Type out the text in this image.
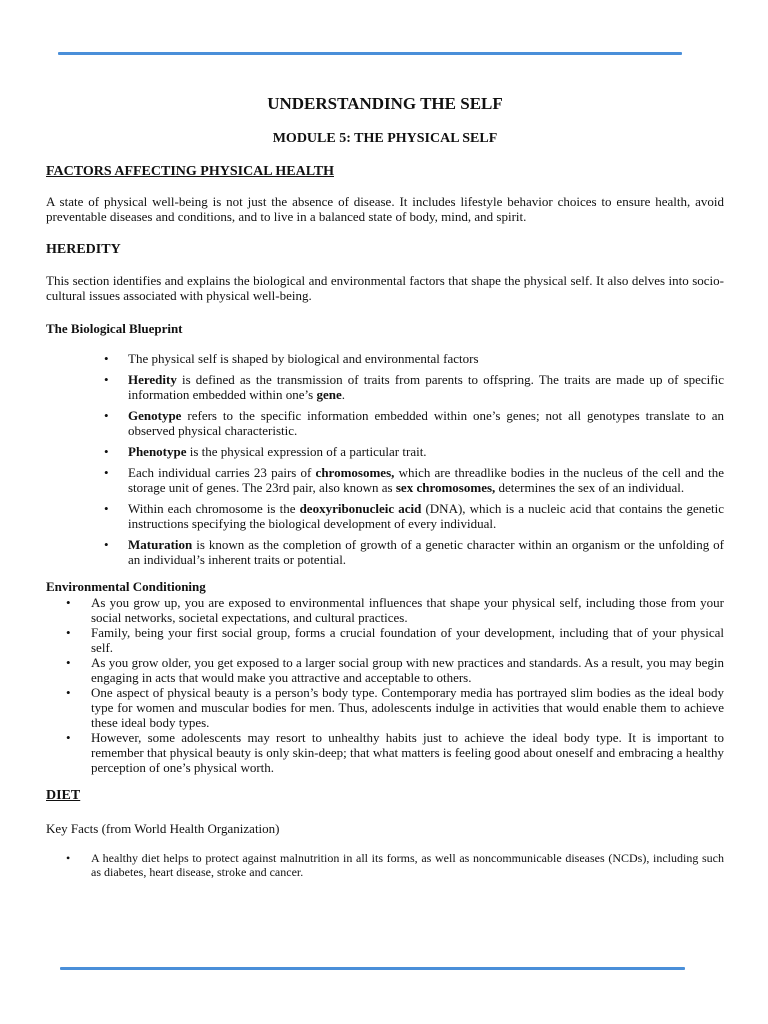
UNDERSTANDING THE SELF
MODULE 5: THE PHYSICAL SELF
FACTORS AFFECTING PHYSICAL HEALTH

A state of physical well-being is not just the absence of disease. It includes lifestyle behavior choices to ensure health, avoid preventable diseases and conditions, and to live in a balanced state of body, mind, and spirit.

HEREDITY

This section identifies and explains the biological and environmental factors that shape the physical self. It also delves into socio-cultural issues associated with physical well-being.

The Biological Blueprint
• The physical self is shaped by biological and environmental factors
• Heredity is defined as the transmission of traits from parents to offspring. The traits are made up of specific information embedded within one’s gene.
• Genotype refers to the specific information embedded within one’s genes; not all genotypes translate to an observed physical characteristic.
• Phenotype is the physical expression of a particular trait.
• Each individual carries 23 pairs of chromosomes, which are threadlike bodies in the nucleus of the cell and the storage unit of genes. The 23rd pair, also known as sex chromosomes, determines the sex of an individual.
• Within each chromosome is the deoxyribonucleic acid (DNA), which is a nucleic acid that contains the genetic instructions specifying the biological development of every individual.
• Maturation is known as the completion of growth of a genetic character within an organism or the unfolding of an individual’s inherent traits or potential.
Environmental Conditioning
• As you grow up, you are exposed to environmental influences that shape your physical self, including those from your social networks, societal expectations, and cultural practices.
• Family, being your first social group, forms a crucial foundation of your development, including that of your physical self.
• As you grow older, you get exposed to a larger social group with new practices and standards. As a result, you may begin engaging in acts that would make you attractive and acceptable to others.
• One aspect of physical beauty is a person’s body type. Contemporary media has portrayed slim bodies as the ideal body type for women and muscular bodies for men. Thus, adolescents indulge in activities that would enable them to achieve these ideal body types.
• However, some adolescents may resort to unhealthy habits just to achieve the ideal body type. It is important to remember that physical beauty is only skin-deep; that what matters is feeling good about oneself and embracing a healthy perception of one’s physical worth.
DIET

Key Facts (from World Health Organization)

• A healthy diet helps to protect against malnutrition in all its forms, as well as noncommunicable diseases (NCDs), including such as diabetes, heart disease, stroke and cancer.
